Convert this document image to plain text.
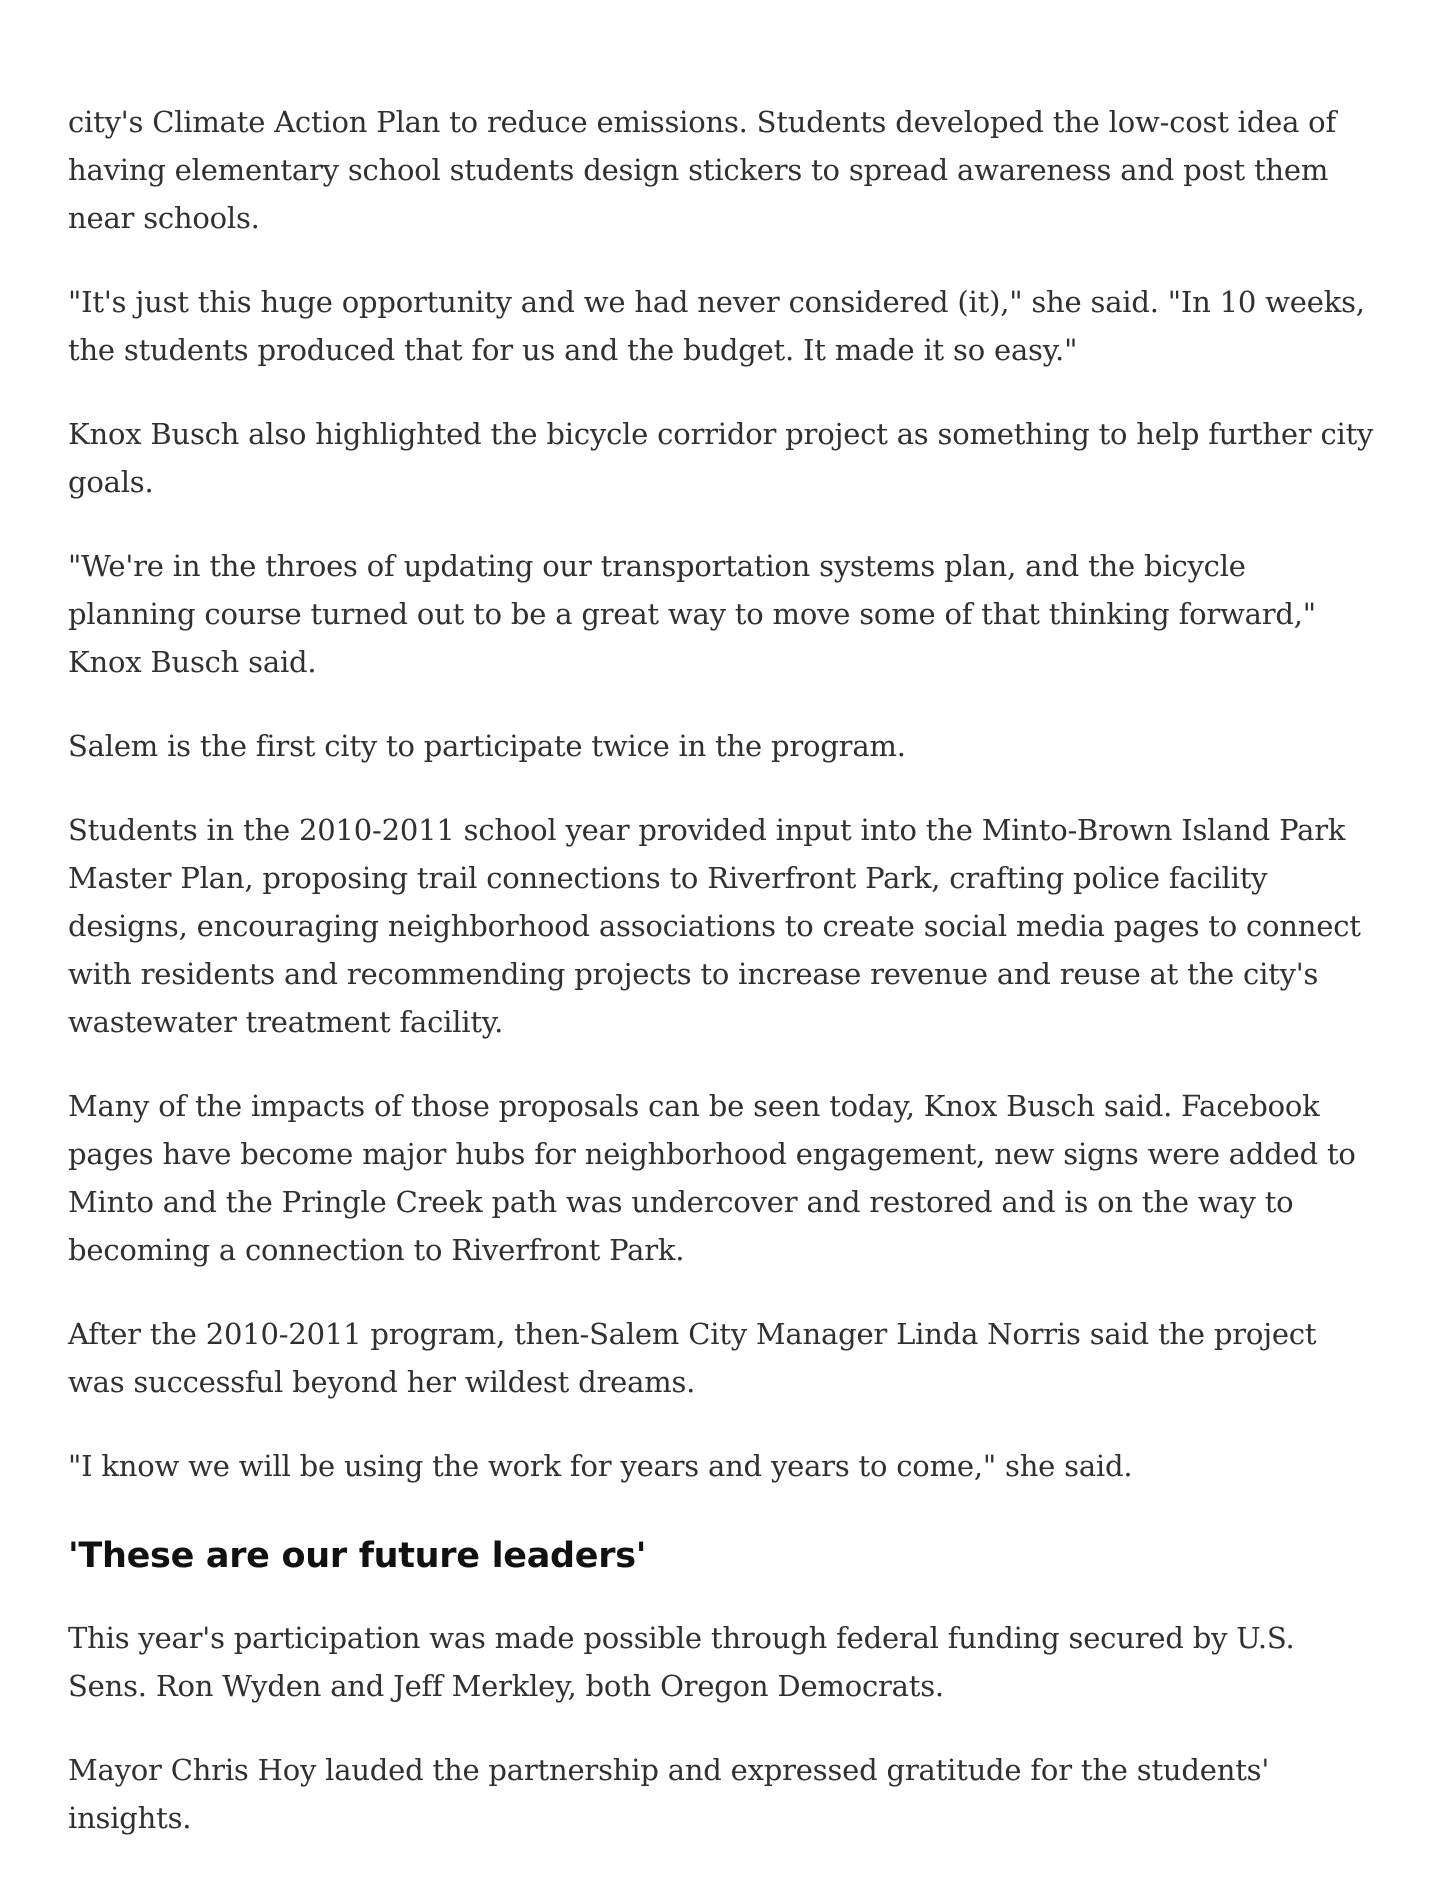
city's Climate Action Plan to reduce emissions. Students developed the low-cost idea of having elementary school students design stickers to spread awareness and post them near schools.

"It's just this huge opportunity and we had never considered (it)," she said. "In 10 weeks, the students produced that for us and the budget. It made it so easy."

Knox Busch also highlighted the bicycle corridor project as something to help further city goals.

"We're in the throes of updating our transportation systems plan, and the bicycle planning course turned out to be a great way to move some of that thinking forward," Knox Busch said.

Salem is the first city to participate twice in the program.

Students in the 2010-2011 school year provided input into the Minto-Brown Island Park Master Plan, proposing trail connections to Riverfront Park, crafting police facility designs, encouraging neighborhood associations to create social media pages to connect with residents and recommending projects to increase revenue and reuse at the city's wastewater treatment facility.

Many of the impacts of those proposals can be seen today, Knox Busch said. Facebook pages have become major hubs for neighborhood engagement, new signs were added to Minto and the Pringle Creek path was undercover and restored and is on the way to becoming a connection to Riverfront Park.

After the 2010-2011 program, then-Salem City Manager Linda Norris said the project was successful beyond her wildest dreams.

"I know we will be using the work for years and years to come," she said.

'These are our future leaders'

This year's participation was made possible through federal funding secured by U.S. Sens. Ron Wyden and Jeff Merkley, both Oregon Democrats.

Mayor Chris Hoy lauded the partnership and expressed gratitude for the students' insights.
